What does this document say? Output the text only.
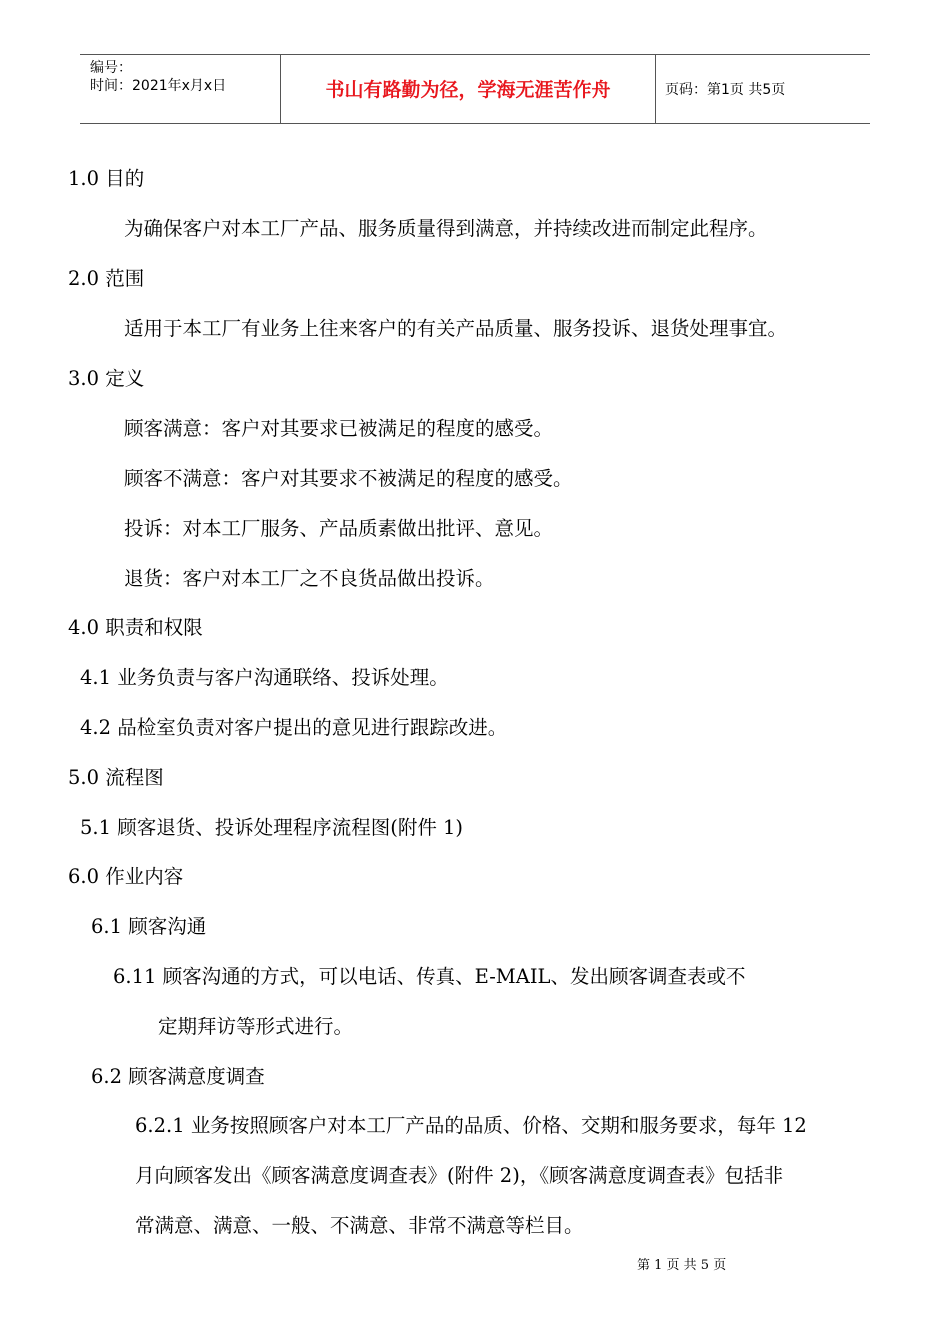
编号：
时间：2021年x月x日	书山有路勤为径，学海无涯苦作舟	页码：第1页 共5页
1.0 目的
为确保客户对本工厂产品、服务质量得到满意，并持续改进而制定此程序。
2.0 范围
适用于本工厂有业务上往来客户的有关产品质量、服务投诉、退货处理事宜。
3.0 定义
顾客满意：客户对其要求已被满足的程度的感受。
顾客不满意：客户对其要求不被满足的程度的感受。
投诉：对本工厂服务、产品质素做出批评、意见。
退货：客户对本工厂之不良货品做出投诉。
4.0 职责和权限
4.1 业务负责与客户沟通联络、投诉处理。
4.2 品检室负责对客户提出的意见进行跟踪改进。
5.0 流程图
5.1 顾客退货、投诉处理程序流程图(附件 1)
6.0 作业内容
6.1 顾客沟通
6.11 顾客沟通的方式，可以电话、传真、E-MAIL、发出顾客调查表或不
定期拜访等形式进行。
6.2 顾客满意度调查
6.2.1 业务按照顾客户对本工厂产品的品质、价格、交期和服务要求，每年 12
月向顾客发出《顾客满意度调查表》(附件 2)，《顾客满意度调查表》包括非
常满意、满意、一般、不满意、非常不满意等栏目。
第 1 页 共 5 页
